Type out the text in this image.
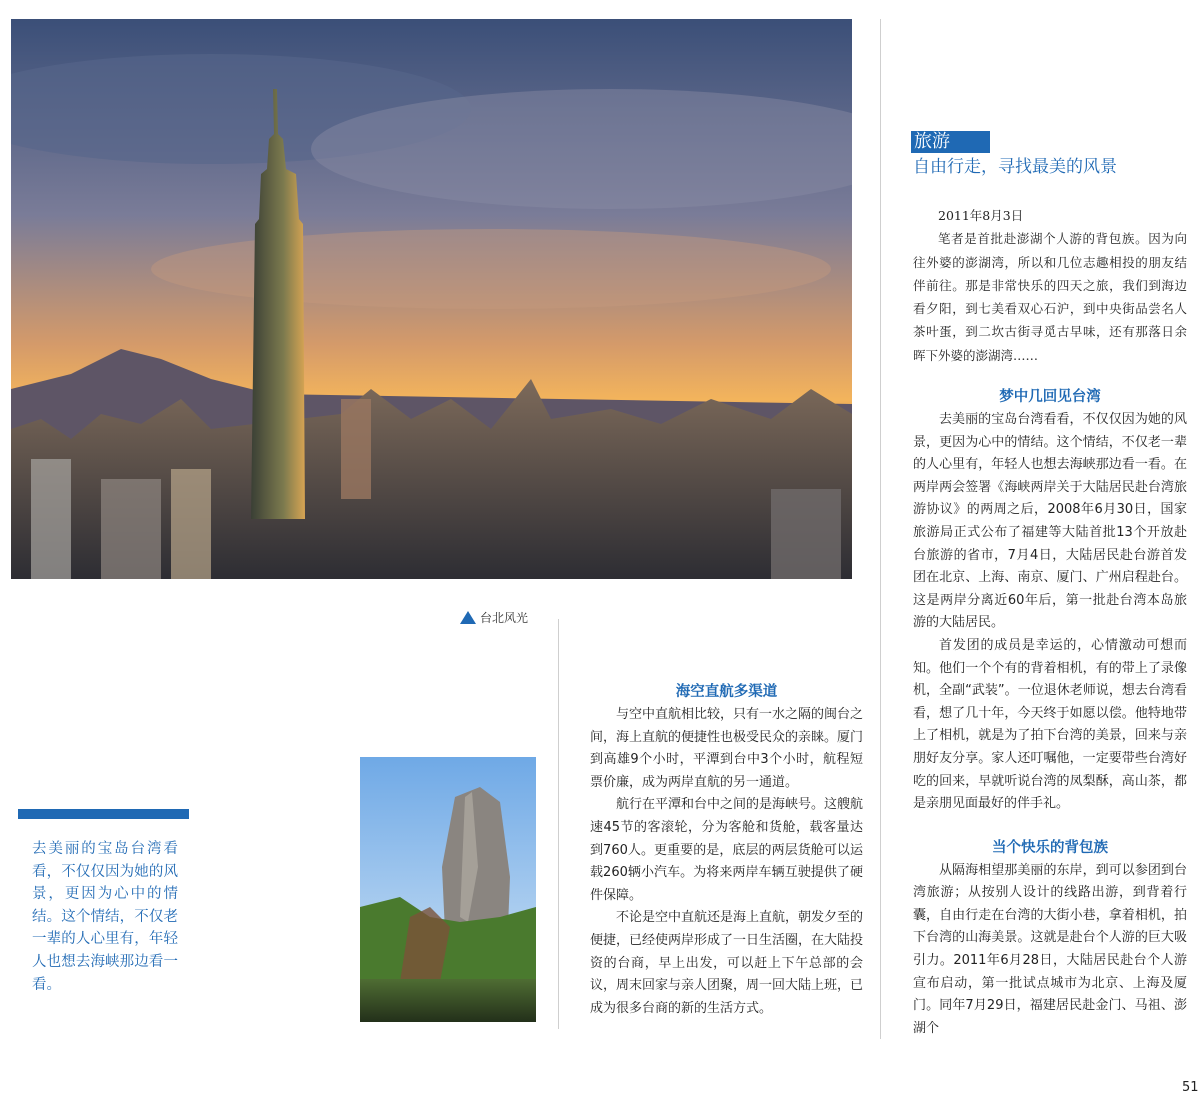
台北风光
旅游
自由行走，寻找最美的风景

2011年8月3日

笔者是首批赴澎湖个人游的背包族。因为向往外婆的澎湖湾，所以和几位志趣相投的朋友结伴前往。那是非常快乐的四天之旅，我们到海边看夕阳，到七美看双心石沪，到中央街品尝名人茶叶蛋，到二坎古街寻觅古早味，还有那落日余晖下外婆的澎湖湾……

去美丽的宝岛台湾看看，不仅仅因为她的风景，更因为心中的情结。这个情结，不仅老一辈的人心里有，年轻人也想去海峡那边看一看。
海空直航多渠道

与空中直航相比较，只有一水之隔的闽台之间，海上直航的便捷性也极受民众的亲睐。厦门到高雄9个小时，平潭到台中3个小时，航程短票价廉，成为两岸直航的另一通道。

航行在平潭和台中之间的是海峡号。这艘航速45节的客滚轮，分为客舱和货舱，载客量达到760人。更重要的是，底层的两层货舱可以运载260辆小汽车。为将来两岸车辆互驶提供了硬件保障。

不论是空中直航还是海上直航，朝发夕至的便捷，已经使两岸形成了一日生活圈，在大陆投资的台商，早上出发，可以赶上下午总部的会议，周末回家与亲人团聚，周一回大陆上班，已成为很多台商的新的生活方式。

梦中几回见台湾

去美丽的宝岛台湾看看，不仅仅因为她的风景，更因为心中的情结。这个情结，不仅老一辈的人心里有，年轻人也想去海峡那边看一看。在两岸两会签署《海峡两岸关于大陆居民赴台湾旅游协议》的两周之后，2008年6月30日，国家旅游局正式公布了福建等大陆首批13个开放赴台旅游的省市，7月4日，大陆居民赴台游首发团在北京、上海、南京、厦门、广州启程赴台。这是两岸分离近60年后，第一批赴台湾本岛旅游的大陆居民。

首发团的成员是幸运的，心情激动可想而知。他们一个个有的背着相机，有的带上了录像机，全副“武装”。一位退休老师说，想去台湾看看，想了几十年，今天终于如愿以偿。他特地带上了相机，就是为了拍下台湾的美景，回来与亲朋好友分享。家人还叮嘱他，一定要带些台湾好吃的回来，早就听说台湾的凤梨酥，高山茶，都是亲朋见面最好的伴手礼。

当个快乐的背包族

从隔海相望那美丽的东岸，到可以参团到台湾旅游；从按别人设计的线路出游，到背着行囊，自由行走在台湾的大街小巷，拿着相机，拍下台湾的山海美景。这就是赴台个人游的巨大吸引力。2011年6月28日，大陆居民赴台个人游宣布启动，第一批试点城市为北京、上海及厦门。同年7月29日，福建居民赴金门、马祖、澎湖个

51
